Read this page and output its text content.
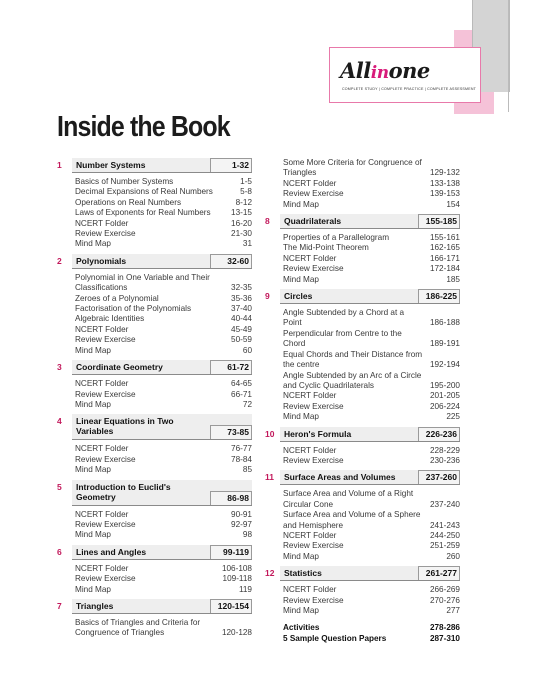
Allinone
COMPLETE STUDY | COMPLETE PRACTICE | COMPLETE ASSESSMENT
Inside the Book
1 Number Systems	1-32
Basics of Number Systems	1-5
Decimal Expansions of Real Numbers	5-8
Operations on Real Numbers	8-12
Laws of Exponents for Real Numbers 13-15
NCERT Folder	16-20
Review Exercise	21-30
Mind Map	31
2 Polynomials	32-60
Polynomial in One Variable and Their Classifications	32-35
Zeroes of a Polynomial	35-36
Factorisation of the Polynomials	37-40
Algebraic Identities	40-44
NCERT Folder	45-49
Review Exercise	50-59
Mind Map	60
3 Coordinate Geometry	61-72
NCERT Folder	64-65
Review Exercise	66-71
Mind Map	72
4 Linear Equations in Two Variables	73-85
NCERT Folder	76-77
Review Exercise	78-84
Mind Map	85
5 Introduction to Euclid's Geometry	86-98
NCERT Folder	90-91
Review Exercise	92-97
Mind Map	98
6 Lines and Angles	99-119
NCERT Folder	106-108
Review Exercise	109-118
Mind Map	119
7 Triangles	120-154
Basics of Triangles and Criteria for Congruence of Triangles	120-128
Some More Criteria for Congruence of Triangles	129-132
NCERT Folder	133-138
Review Exercise	139-153
Mind Map	154
8 Quadrilaterals	155-185
Properties of a Parallelogram	155-161
The Mid-Point Theorem	162-165
NCERT Folder	166-171
Review Exercise	172-184
Mind Map	185
9 Circles	186-225
Angle Subtended by a Chord at a Point	186-188
Perpendicular from Centre to the Chord	189-191
Equal Chords and Their Distance from the centre	192-194
Angle Subtended by an Arc of a Circle and Cyclic Quadrilaterals	195-200
NCERT Folder	201-205
Review Exercise	206-224
Mind Map	225
10 Heron's Formula	226-236
NCERT Folder	228-229
Review Exercise	230-236
11 Surface Areas and Volumes	237-260
Surface Area and Volume of a Right Circular Cone	237-240
Surface Area and Volume of a Sphere and Hemisphere	241-243
NCERT Folder	244-250
Review Exercise	251-259
Mind Map	260
12 Statistics	261-277
NCERT Folder	266-269
Review Exercise	270-276
Mind Map	277
Activities	278-286
5 Sample Question Papers	287-310
